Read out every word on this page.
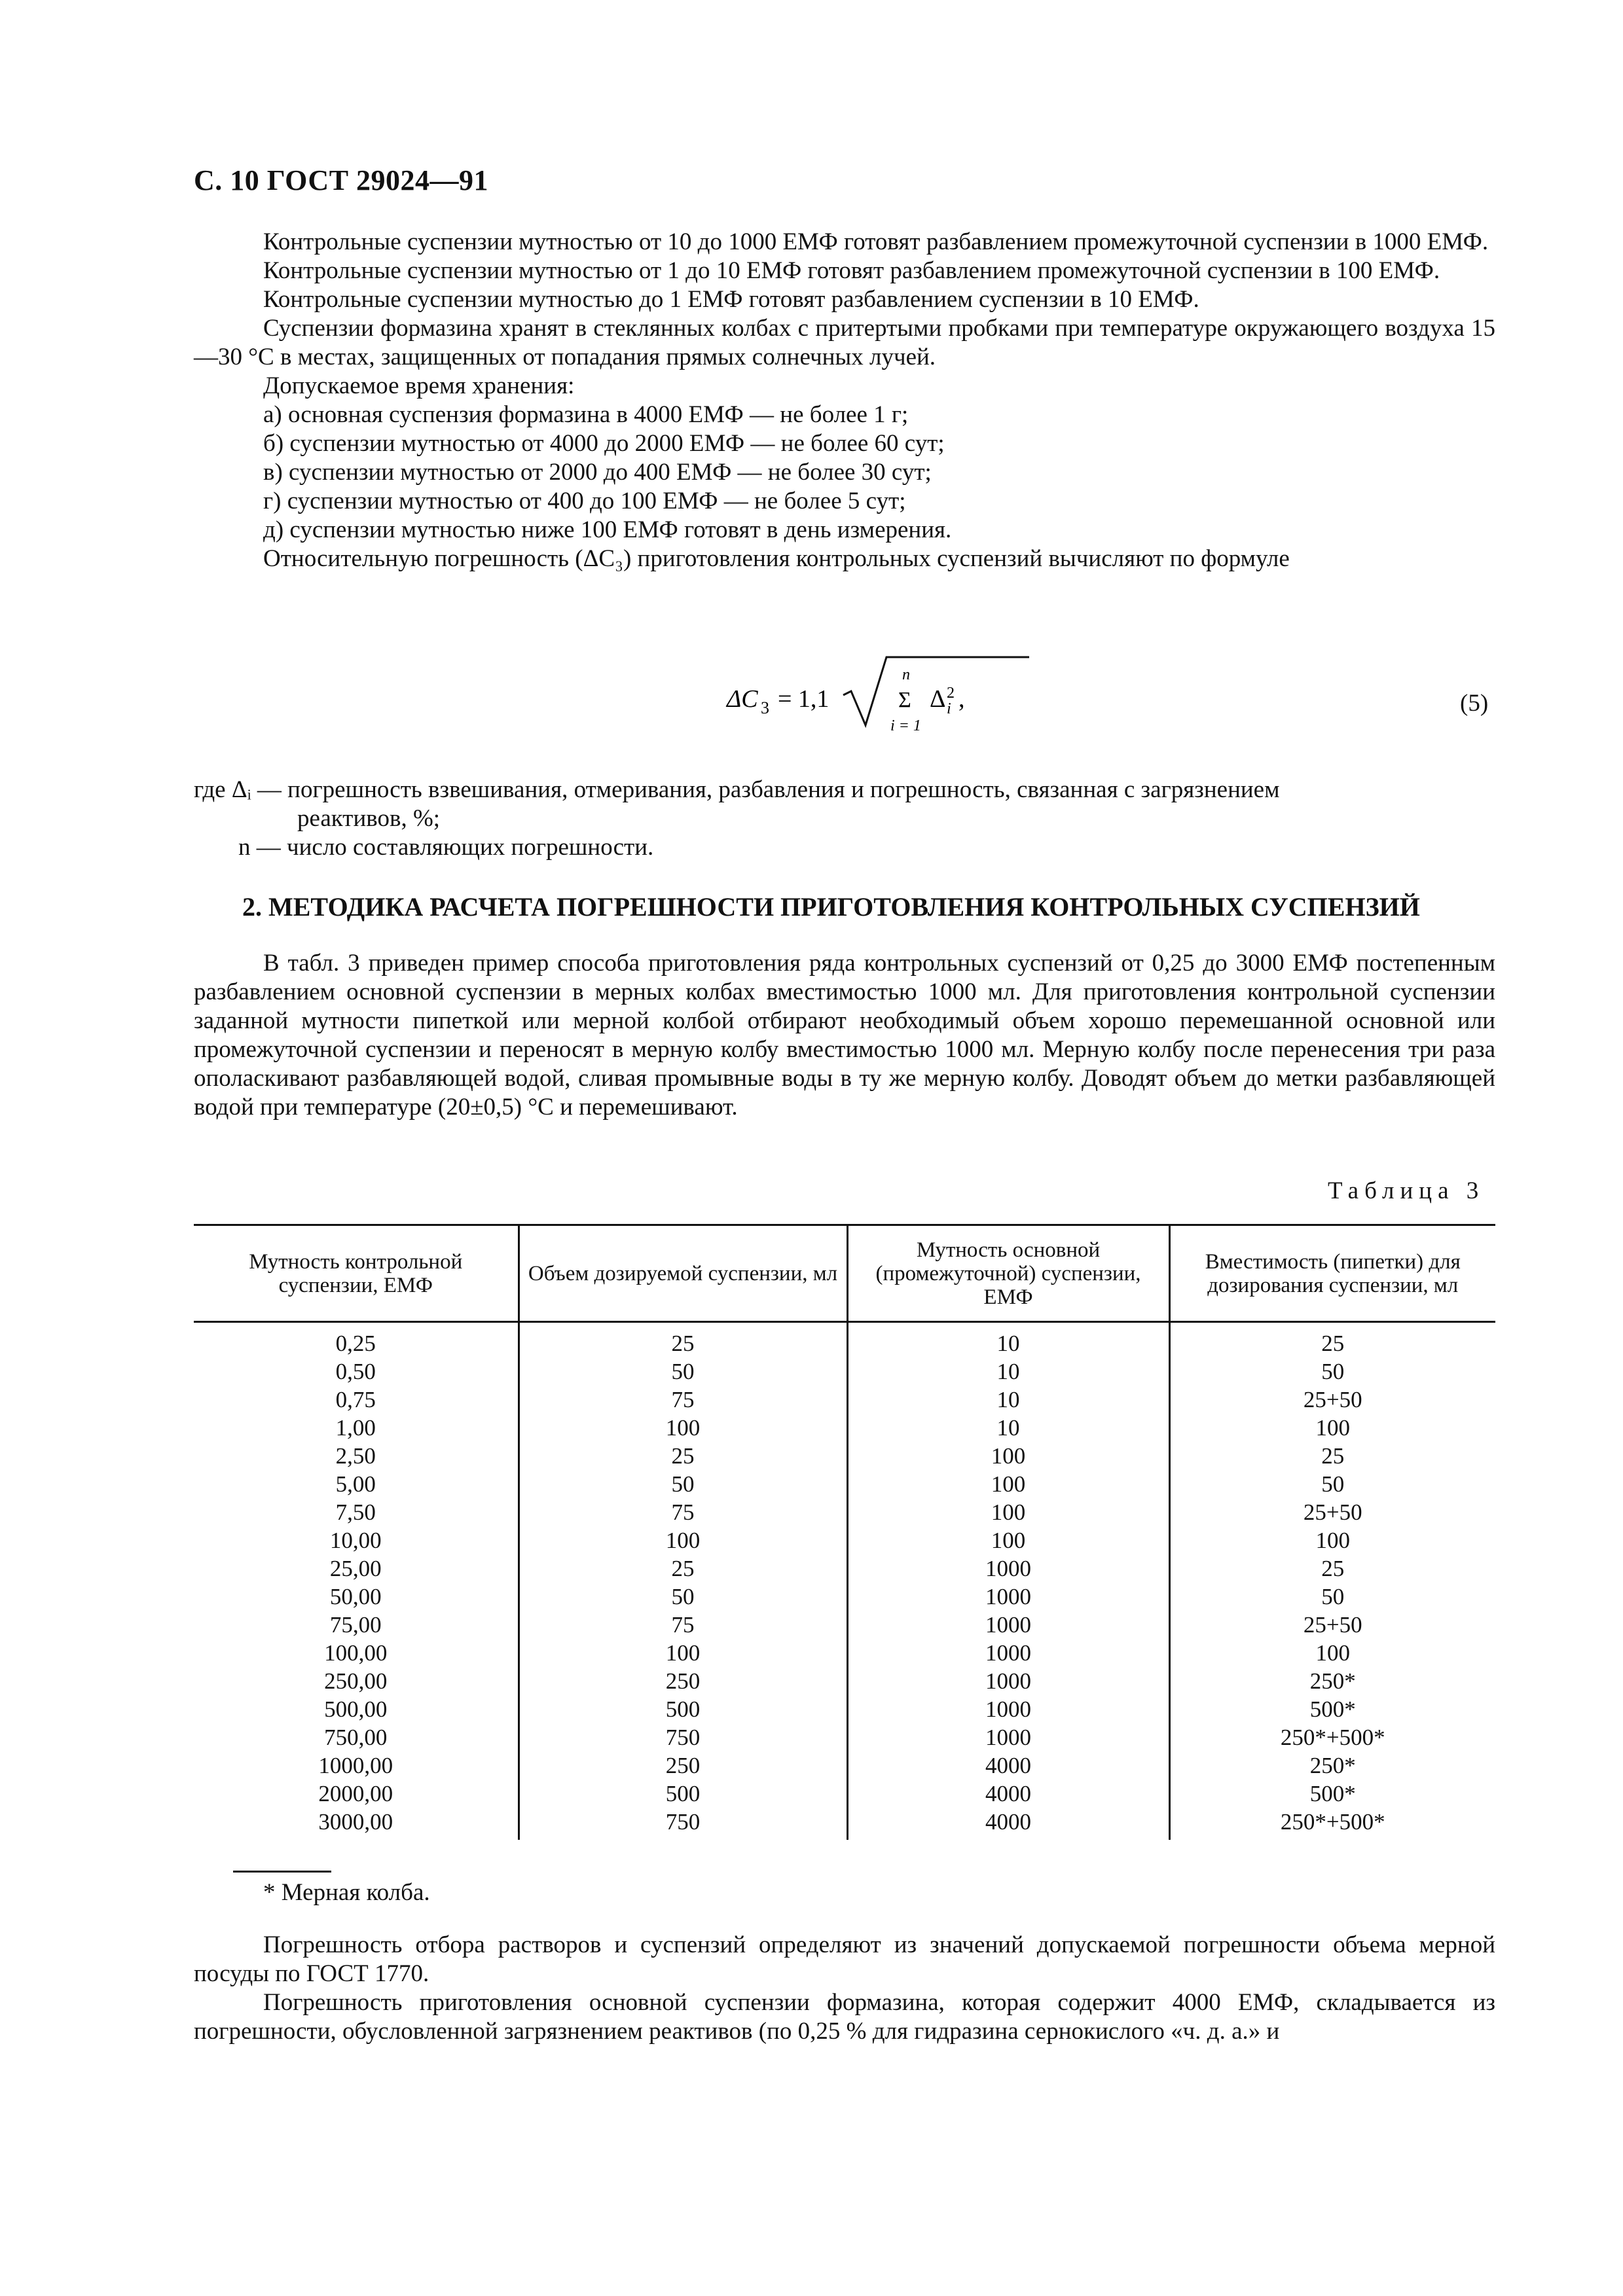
С. 10 ГОСТ 29024—91

Контрольные суспензии мутностью от 10 до 1000 ЕМФ готовят разбавлением промежуточной суспензии в 1000 ЕМФ.

Контрольные суспензии мутностью от 1 до 10 ЕМФ готовят разбавлением промежуточной суспензии в 100 ЕМФ.

Контрольные суспензии мутностью до 1 ЕМФ готовят разбавлением суспензии в 10 ЕМФ.

Суспензии формазина хранят в стеклянных колбах с притертыми пробками при температуре окружающего воздуха 15—30 °С в местах, защищенных от попадания прямых солнечных лучей.

Допускаемое время хранения:

а) основная суспензия формазина в 4000 ЕМФ — не более 1 г;

б) суспензии мутностью от 4000 до 2000 ЕМФ — не более 60 сут;

в) суспензии мутностью от 2000 до 400 ЕМФ — не более 30 сут;

г) суспензии мутностью от 400 до 100 ЕМФ — не более 5 сут;

д) суспензии мутностью ниже 100 ЕМФ готовят в день измерения.

Относительную погрешность (ΔC₃) приготовления контрольных суспензий вычисляют по формуле

ΔC 3 = 1,1
n
Σ
i = 1
Δ 2
i ,	(5)

где Δᵢ — погрешность взвешивания, отмеривания, разбавления и погрешность, связанная с загрязнением

реактивов, %;

n — число составляющих погрешности.

2. МЕТОДИКА РАСЧЕТА ПОГРЕШНОСТИ ПРИГОТОВЛЕНИЯ КОНТРОЛЬНЫХ СУСПЕНЗИЙ

В табл. 3 приведен пример способа приготовления ряда контрольных суспензий от 0,25 до 3000 ЕМФ постепенным разбавлением основной суспензии в мерных колбах вместимостью 1000 мл. Для приготовления контрольной суспензии заданной мутности пипеткой или мерной колбой отбирают необходимый объем хорошо перемешанной основной или промежуточной суспензии и переносят в мерную колбу вместимостью 1000 мл. Мерную колбу после перенесения три раза ополаскивают разбавляющей водой, сливая промывные воды в ту же мерную колбу. Доводят объем до метки разбавляющей водой при температуре (20±0,5) °С и перемешивают.

Таблица 3
Мутность контрольной суспензии, ЕМФ	Объем дозируемой суспензии, мл	Мутность основной (промежуточной) суспензии, ЕМФ	Вместимость (пипетки) для дозирования суспензии, мл
0,25	25	10	25
0,50	50	10	50
0,75	75	10	25+50
1,00	100	10	100
2,50	25	100	25
5,00	50	100	50
7,50	75	100	25+50
10,00	100	100	100
25,00	25	1000	25
50,00	50	1000	50
75,00	75	1000	25+50
100,00	100	1000	100
250,00	250	1000	250*
500,00	500	1000	500*
750,00	750	1000	250*+500*
1000,00	250	4000	250*
2000,00	500	4000	500*
3000,00	750	4000	250*+500*
* Мерная колба.

Погрешность отбора растворов и суспензий определяют из значений допускаемой погрешности объема мерной посуды по ГОСТ 1770.

Погрешность приготовления основной суспензии формазина, которая содержит 4000 ЕМФ, складывается из погрешности, обусловленной загрязнением реактивов (по 0,25 % для гидразина сернокислого «ч. д. а.» и
